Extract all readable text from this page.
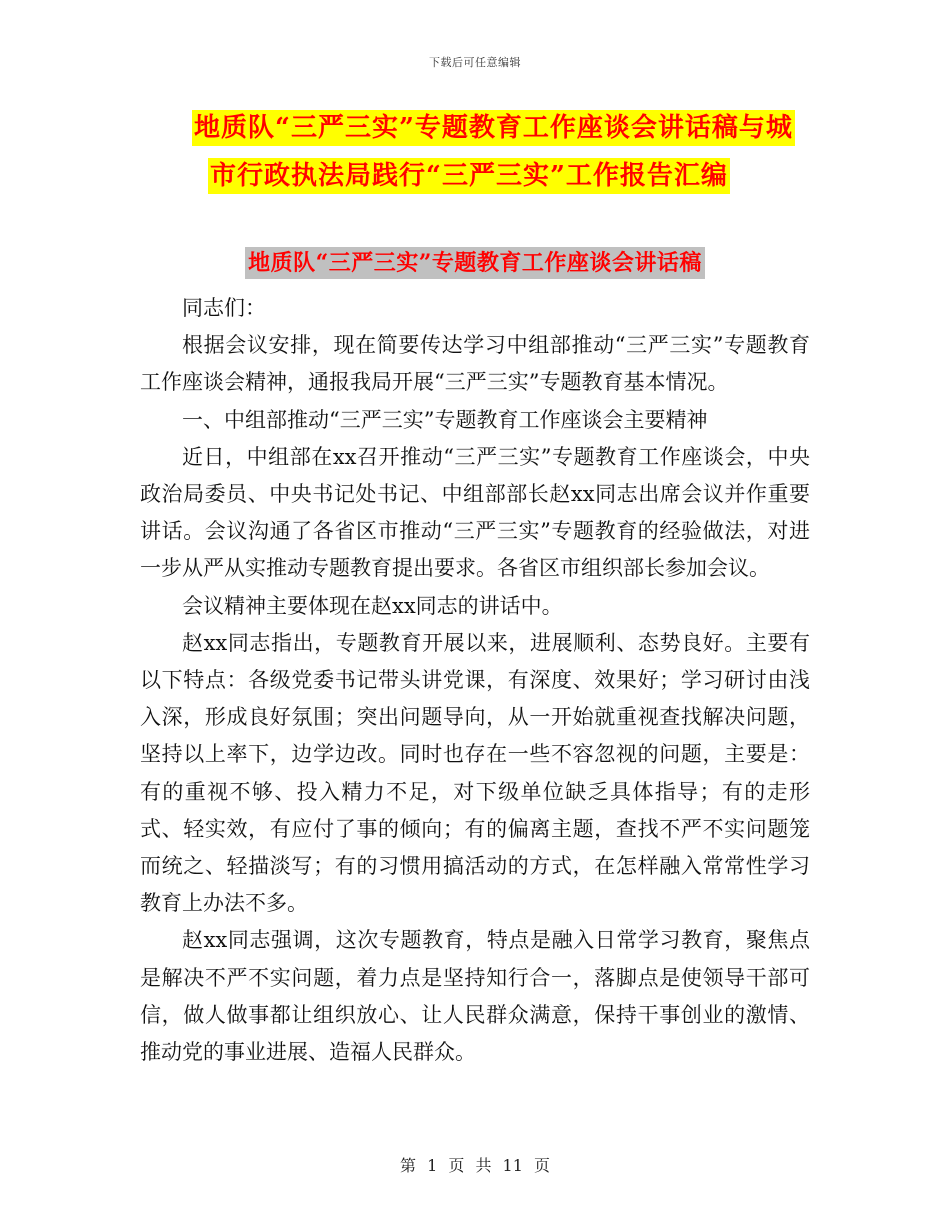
下载后可任意编辑
地质队“三严三实”专题教育工作座谈会讲话稿与城
市行政执法局践行“三严三实”工作报告汇编
地质队“三严三实”专题教育工作座谈会讲话稿

同志们：

根据会议安排，现在简要传达学习中组部推动“三严三实”专题教育工作座谈会精神，通报我局开展“三严三实”专题教育基本情况。

一、中组部推动“三严三实”专题教育工作座谈会主要精神

近日，中组部在xx召开推动“三严三实”专题教育工作座谈会，中央政治局委员、中央书记处书记、中组部部长赵xx同志出席会议并作重要讲话。会议沟通了各省区市推动“三严三实”专题教育的经验做法，对进一步从严从实推动专题教育提出要求。各省区市组织部长参加会议。

会议精神主要体现在赵xx同志的讲话中。

赵xx同志指出，专题教育开展以来，进展顺利、态势良好。主要有以下特点：各级党委书记带头讲党课，有深度、效果好；学习研讨由浅入深，形成良好氛围；突出问题导向，从一开始就重视查找解决问题，坚持以上率下，边学边改。同时也存在一些不容忽视的问题，主要是：有的重视不够、投入精力不足，对下级单位缺乏具体指导；有的走形式、轻实效，有应付了事的倾向；有的偏离主题，查找不严不实问题笼而统之、轻描淡写；有的习惯用搞活动的方式，在怎样融入常常性学习教育上办法不多。

赵xx同志强调，这次专题教育，特点是融入日常学习教育，聚焦点是解决不严不实问题，着力点是坚持知行合一，落脚点是使领导干部可信，做人做事都让组织放心、让人民群众满意，保持干事创业的激情、推动党的事业进展、造福人民群众。

第 1 页 共 11 页
